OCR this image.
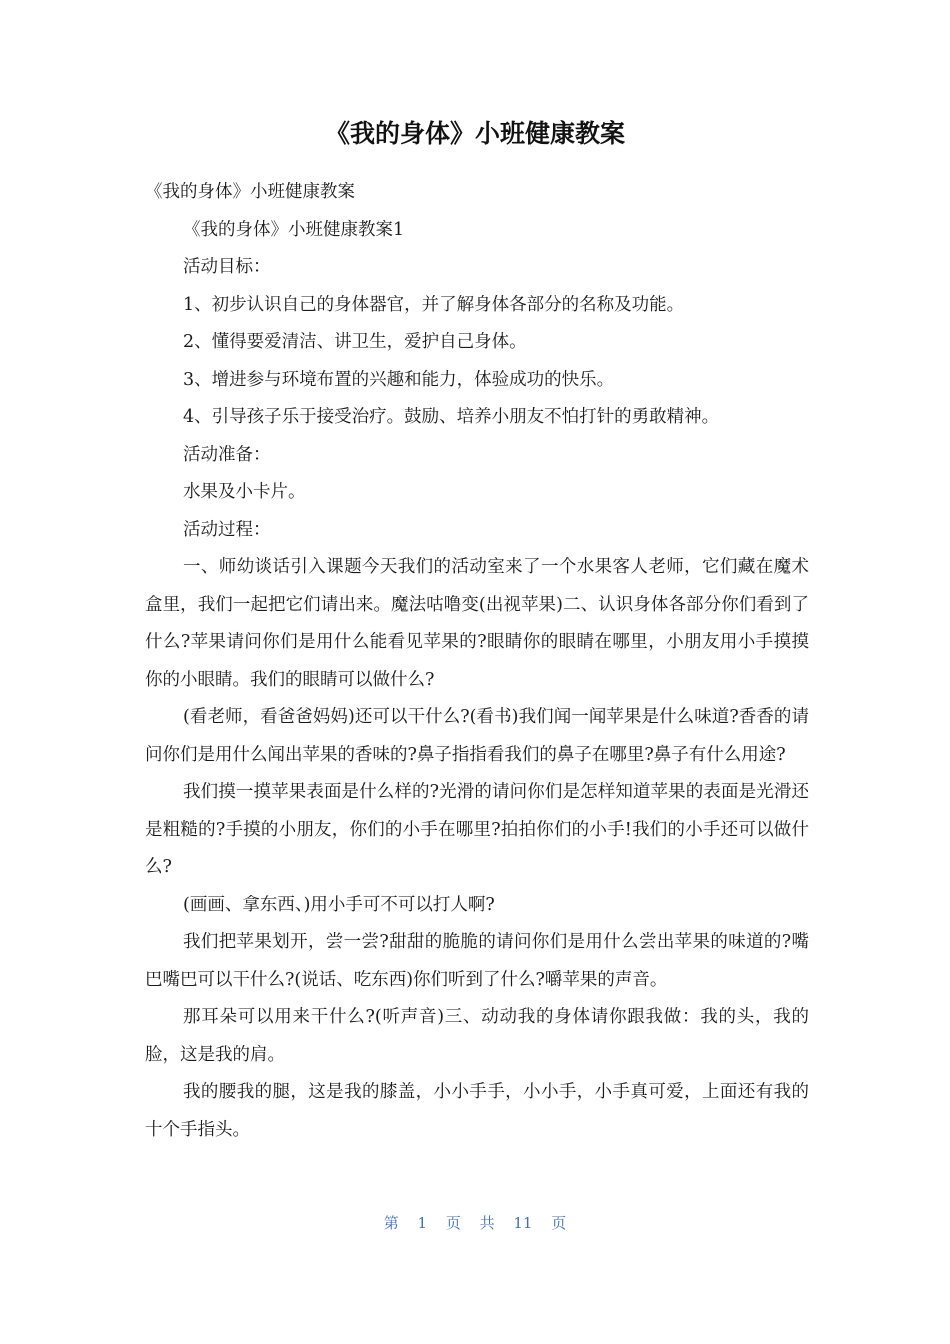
《我的身体》小班健康教案

《我的身体》小班健康教案

《我的身体》小班健康教案1

活动目标：

1、初步认识自己的身体器官，并了解身体各部分的名称及功能。

2、懂得要爱清洁、讲卫生，爱护自己身体。

3、增进参与环境布置的兴趣和能力，体验成功的快乐。

4、引导孩子乐于接受治疗。鼓励、培养小朋友不怕打针的勇敢精神。

活动准备：

水果及小卡片。

活动过程：

一、师幼谈话引入课题今天我们的活动室来了一个水果客人老师，它们藏在魔术盒里，我们一起把它们请出来。魔法咕噜变(出视苹果)二、认识身体各部分你们看到了什么?苹果请问你们是用什么能看见苹果的?眼睛你的眼睛在哪里，小朋友用小手摸摸你的小眼睛。我们的眼睛可以做什么?

(看老师，看爸爸妈妈)还可以干什么?(看书)我们闻一闻苹果是什么味道?香香的请问你们是用什么闻出苹果的香味的?鼻子指指看我们的鼻子在哪里?鼻子有什么用途?

我们摸一摸苹果表面是什么样的?光滑的请问你们是怎样知道苹果的表面是光滑还是粗糙的?手摸的小朋友，你们的小手在哪里?拍拍你们的小手!我们的小手还可以做什么?

(画画、拿东西、)用小手可不可以打人啊?

我们把苹果划开，尝一尝?甜甜的脆脆的请问你们是用什么尝出苹果的味道的?嘴巴嘴巴可以干什么?(说话、吃东西)你们听到了什么?嚼苹果的声音。

那耳朵可以用来干什么?(听声音)三、动动我的身体请你跟我做：我的头，我的脸，这是我的肩。

我的腰我的腿，这是我的膝盖，小小手手，小小手，小手真可爱，上面还有我的十个手指头。

第 1 页 共 11 页
